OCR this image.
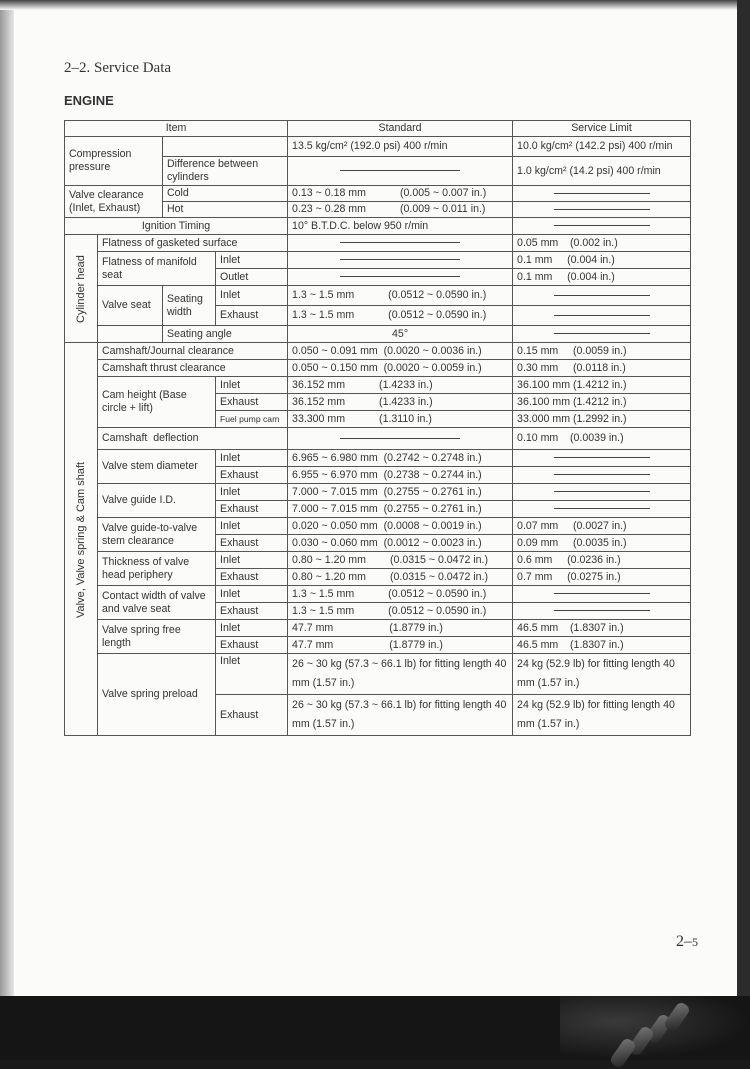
2–2. Service Data
ENGINE
Item				Standard	Service Limit
Compression pressure				13.5 kg/cm² (192.0 psi) 400 r/min	10.0 kg/cm² (142.2 psi) 400 r/min
		Difference between cylinders			1.0 kg/cm² (14.2 psi) 400 r/min
Valve clearance (Inlet, Exhaust)		Cold		0.13 ~ 0.18 mm (0.005 ~ 0.007 in.)	
		Hot		0.23 ~ 0.28 mm (0.009 ~ 0.011 in.)	
Ignition Timing				10° B.T.D.C. below 950 r/min	
Cylinder head	Flatness of gasketed surface				0.05 mm    (0.002 in.)
	Flatness of manifold seat		Inlet		0.1 mm     (0.004 in.)
			Outlet		0.1 mm     (0.004 in.)
	Valve seat	Seating width	Inlet	1.3 ~ 1.5 mm (0.0512 ~ 0.0590 in.)	
			Exhaust	1.3 ~ 1.5 mm (0.0512 ~ 0.0590 in.)	
		Seating angle		45°	
Valve, Valve spring & Cam shaft	Camshaft/Journal clearance			0.050 ~ 0.091 mm  (0.0020 ~ 0.0036 in.)	0.15 mm     (0.0059 in.)
	Camshaft thrust clearance			0.050 ~ 0.150 mm  (0.0020 ~ 0.0059 in.)	0.30 mm     (0.0118 in.)
	Cam height (Base circle + lift)		Inlet	36.152 mm (1.4233 in.)	36.100 mm (1.4212 in.)
			Exhaust	36.152 mm (1.4233 in.)	36.100 mm (1.4212 in.)
			Fuel pump cam	33.300 mm (1.3110 in.)	33.000 mm (1.2992 in.)
	Camshaft  deflection				0.10 mm    (0.0039 in.)
	Valve stem diameter		Inlet	6.965 ~ 6.980 mm  (0.2742 ~ 0.2748 in.)	
			Exhaust	6.955 ~ 6.970 mm  (0.2738 ~ 0.2744 in.)	
	Valve guide I.D.		Inlet	7.000 ~ 7.015 mm  (0.2755 ~ 0.2761 in.)	
			Exhaust	7.000 ~ 7.015 mm  (0.2755 ~ 0.2761 in.)	
	Valve guide-to-valve stem clearance		Inlet	0.020 ~ 0.050 mm  (0.0008 ~ 0.0019 in.)	0.07 mm     (0.0027 in.)
			Exhaust	0.030 ~ 0.060 mm  (0.0012 ~ 0.0023 in.)	0.09 mm     (0.0035 in.)
	Thickness of valve head periphery		Inlet	0.80 ~ 1.20 mm (0.0315 ~ 0.0472 in.)	0.6 mm     (0.0236 in.)
			Exhaust	0.80 ~ 1.20 mm (0.0315 ~ 0.0472 in.)	0.7 mm     (0.0275 in.)
	Contact width of valve and valve seat		Inlet	1.3 ~ 1.5 mm (0.0512 ~ 0.0590 in.)	
			Exhaust	1.3 ~ 1.5 mm (0.0512 ~ 0.0590 in.)	
	Valve spring free length		Inlet	47.7 mm (1.8779 in.)	46.5 mm    (1.8307 in.)
			Exhaust	47.7 mm (1.8779 in.)	46.5 mm    (1.8307 in.)
	Valve spring preload		Inlet	26 ~ 30 kg (57.3 ~ 66.1 lb) for fitting length 40 mm (1.57 in.)	24 kg (52.9 lb) for fitting length 40 mm (1.57 in.)
			Exhaust	26 ~ 30 kg (57.3 ~ 66.1 lb) for fitting length 40 mm (1.57 in.)	24 kg (52.9 lb) for fitting length 40 mm (1.57 in.)
2–5
